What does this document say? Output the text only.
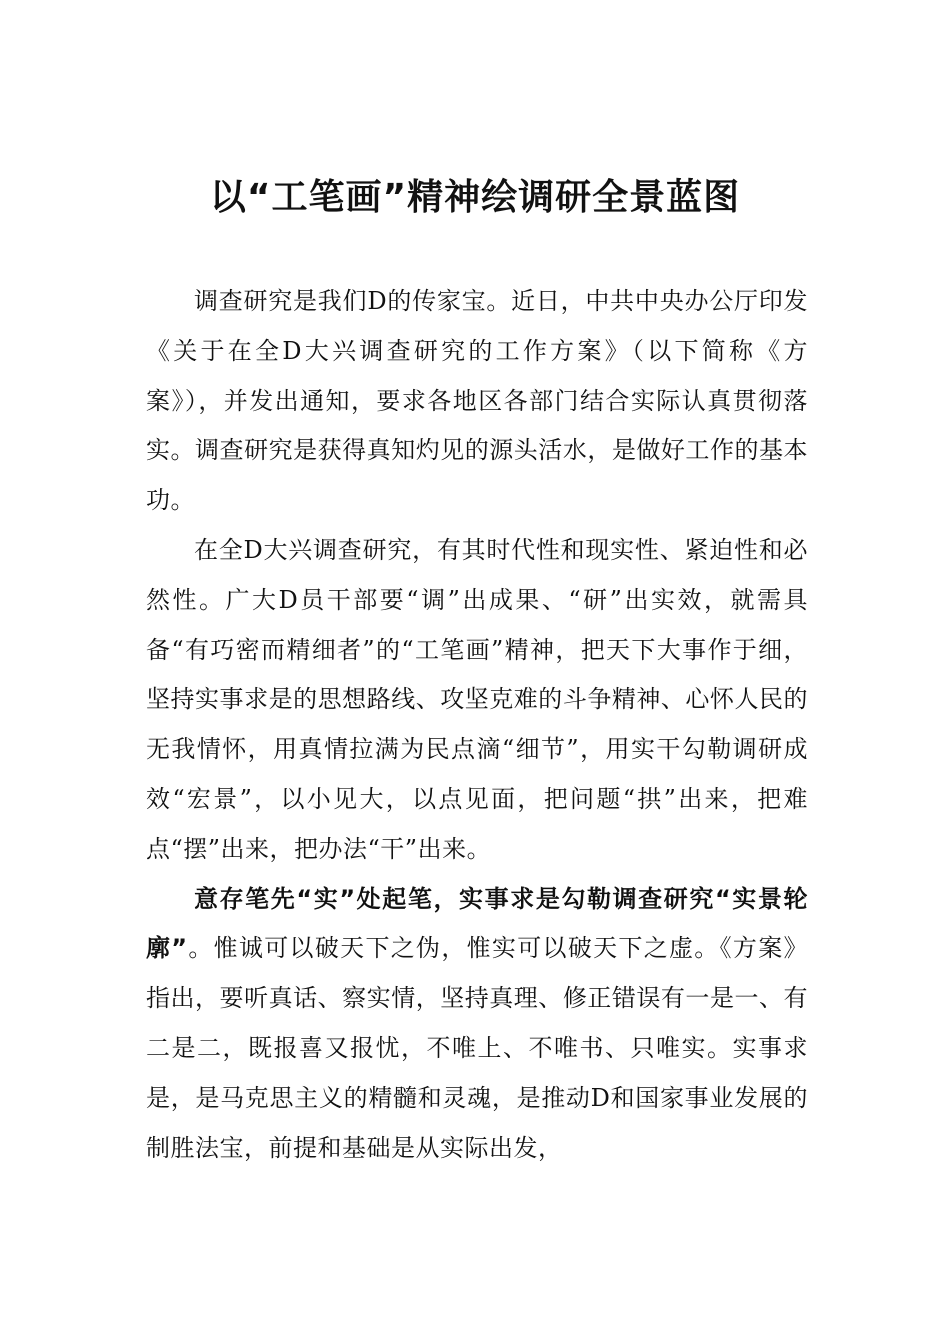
以“工笔画”精神绘调研全景蓝图

调查研究是我们D的传家宝。近日，中共中央办公厅印发《关于在全D大兴调查研究的工作方案》（以下简称《方案》），并发出通知，要求各地区各部门结合实际认真贯彻落实。调查研究是获得真知灼见的源头活水，是做好工作的基本功。

在全D大兴调查研究，有其时代性和现实性、紧迫性和必然性。广大D员干部要“调”出成果、“研”出实效，就需具备“有巧密而精细者”的“工笔画”精神，把天下大事作于细，坚持实事求是的思想路线、攻坚克难的斗争精神、心怀人民的无我情怀，用真情拉满为民点滴“细节”，用实干勾勒调研成效“宏景”，以小见大，以点见面，把问题“拱”出来，把难点“摆”出来，把办法“干”出来。

意存笔先“实”处起笔，实事求是勾勒调查研究“实景轮廓”。惟诚可以破天下之伪，惟实可以破天下之虚。《方案》指出，要听真话、察实情，坚持真理、修正错误有一是一、有二是二，既报喜又报忧，不唯上、不唯书、只唯实。实事求是，是马克思主义的精髓和灵魂，是推动D和国家事业发展的制胜法宝，前提和基础是从实际出发，
